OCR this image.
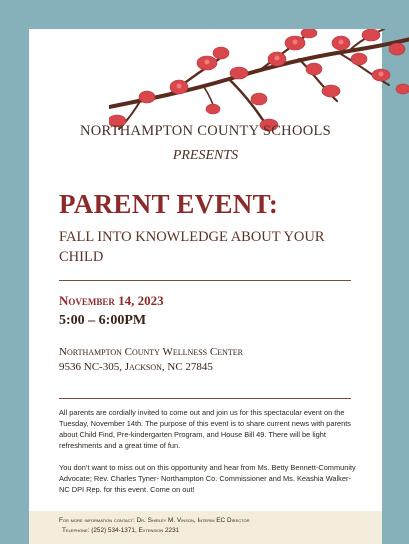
NORTHAMPTON COUNTY SCHOOLS
PRESENTS
PARENT EVENT:
FALL INTO KNOWLEDGE ABOUT YOUR CHILD
November 14, 2023
5:00 – 6:00PM
Northampton County Wellness Center
9536 NC-305, Jackson, NC 27845
All parents are cordially invited to come out and join us for this spectacular event on the Tuesday, November 14th. The purpose of this event is to share current news with parents about Child Find, Pre-kindergarten Program, and House Bill 49. There will be light refreshments and a great time of fun.
You don’t want to miss out on this opportunity and hear from Ms. Betty Bennett-Community Advocate; Rev. Charles Tyner- Northampton Co. Commissioner and Ms. Keashia Walker- NC DPI Rep. for this event. Come on out!
For more information contact: Dr. Shirley M. Vinson, Interim EC Director
Telephone: (252) 534-1371, Extension 2231
